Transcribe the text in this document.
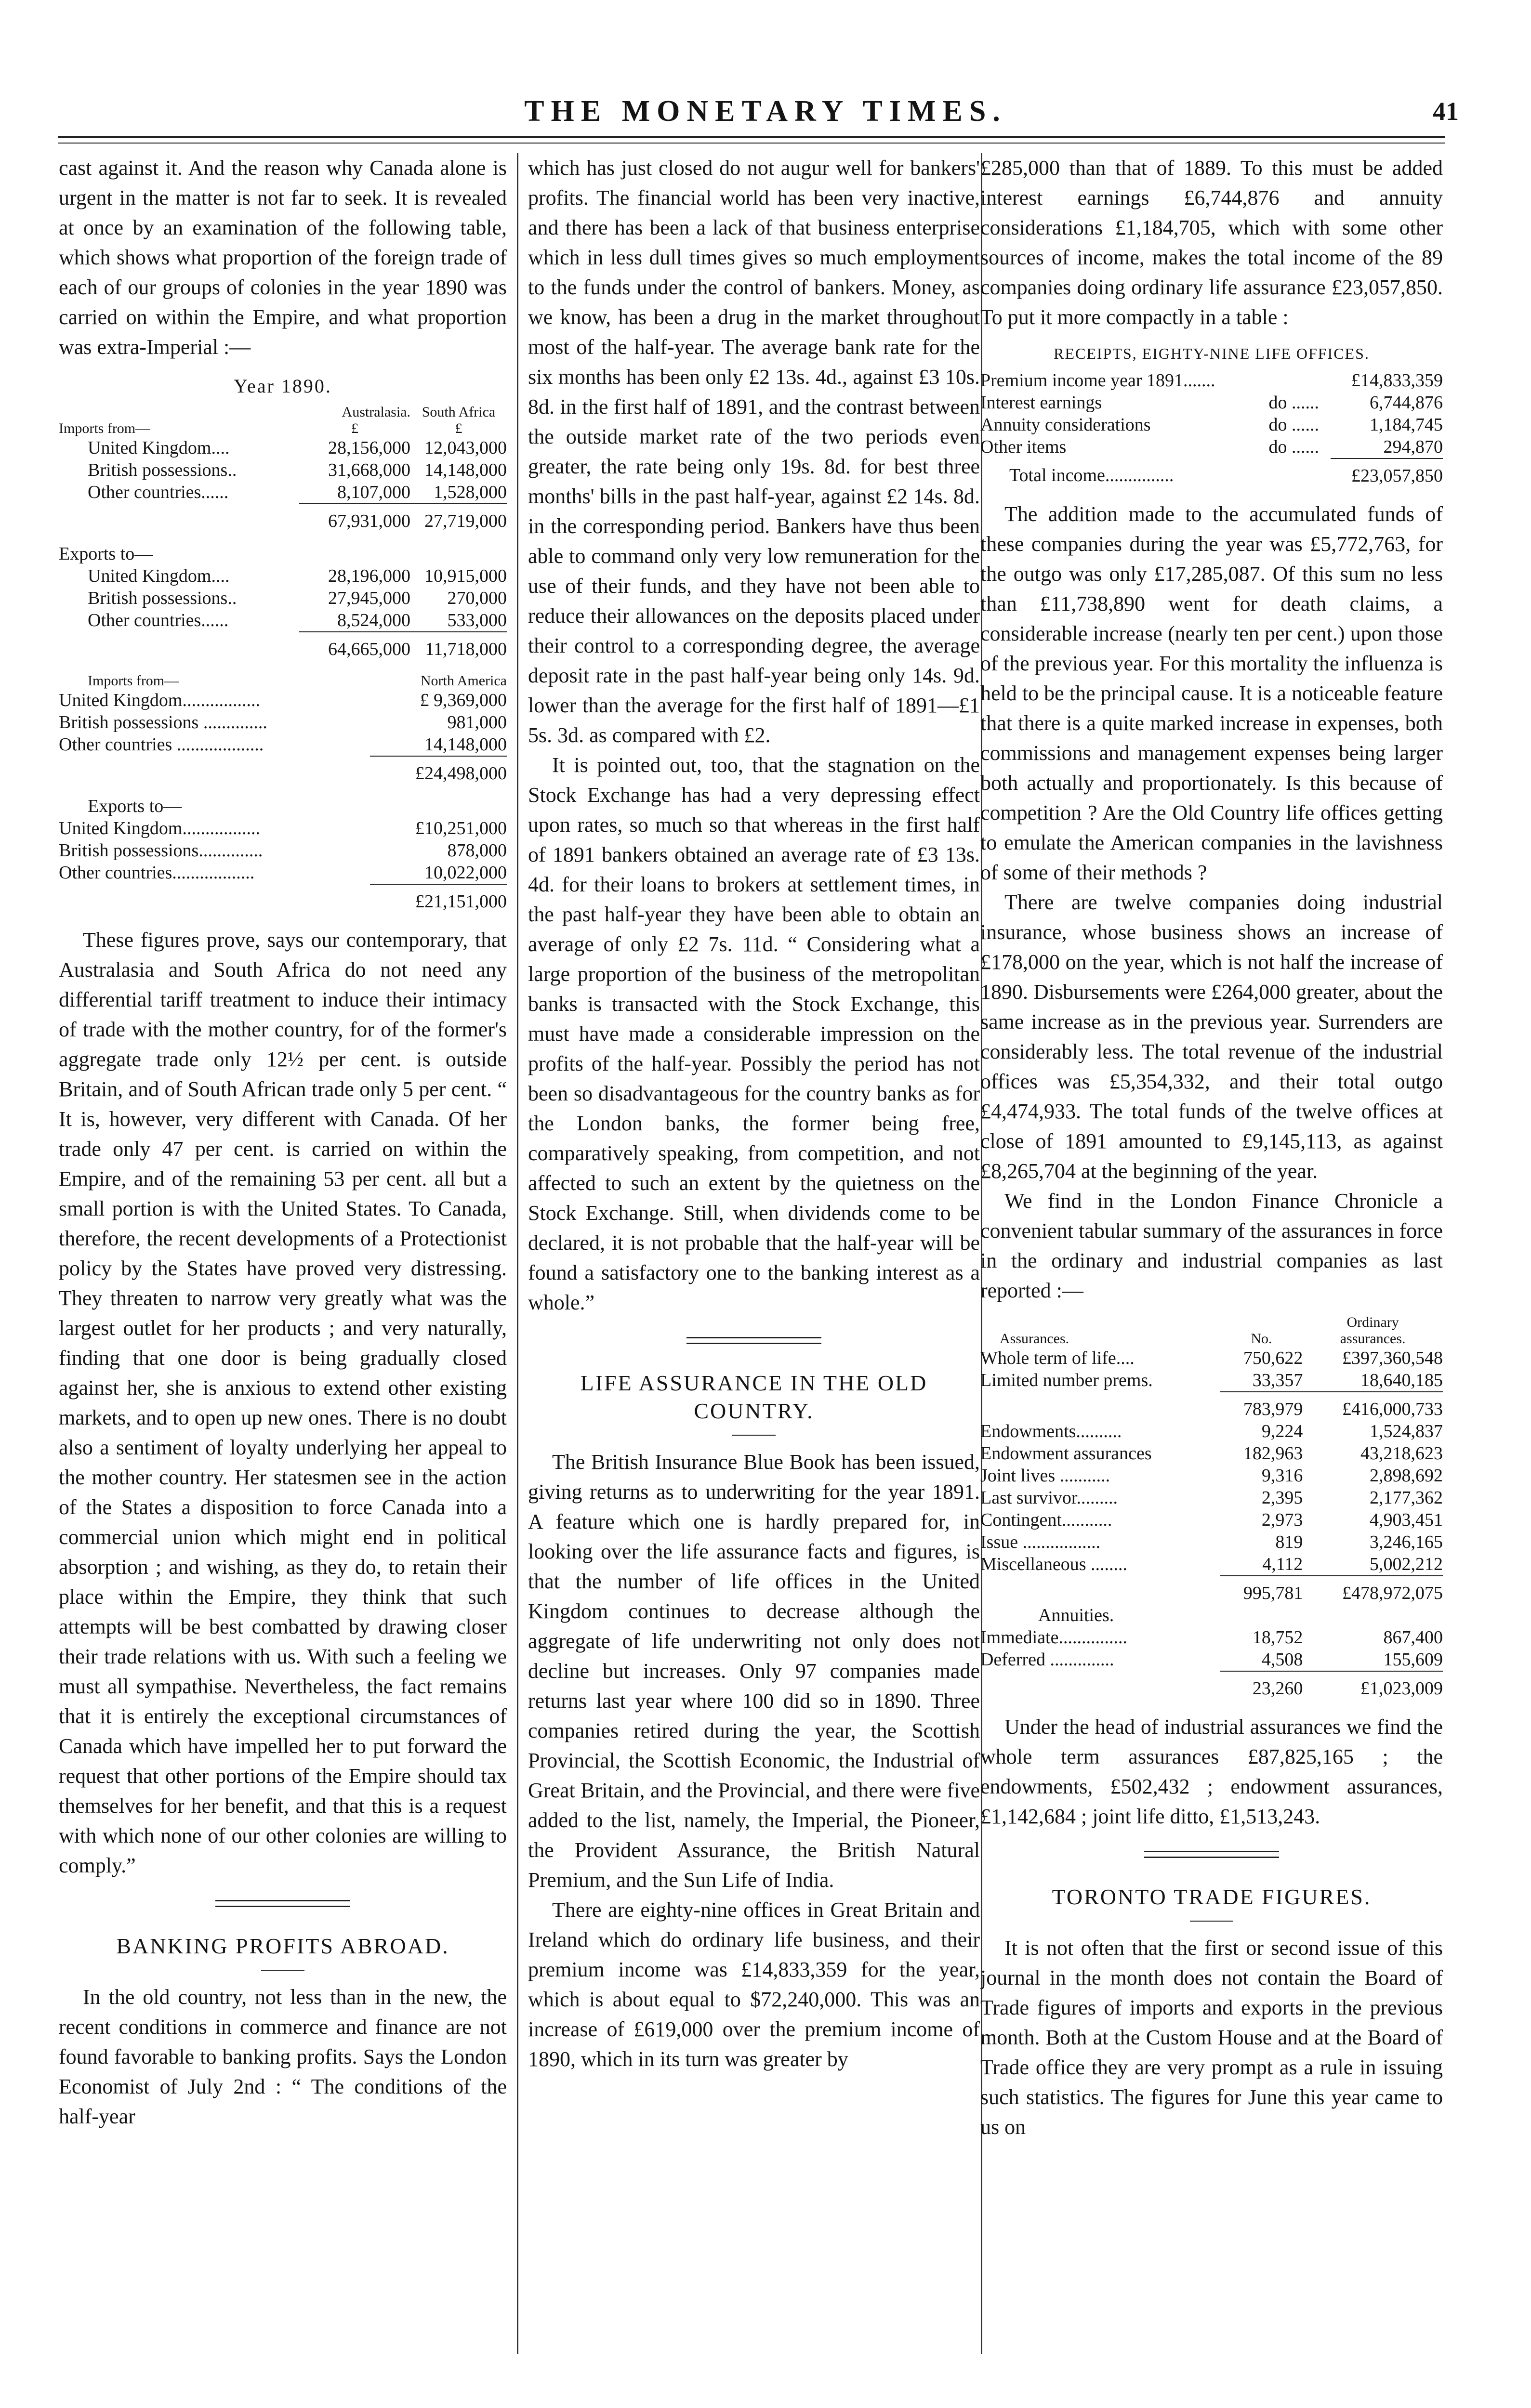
THE MONETARY TIMES.	41

cast against it. And the reason why Canada alone is urgent in the matter is not far to seek. It is revealed at once by an examination of the following table, which shows what proportion of the foreign trade of each of our groups of colonies in the year 1890 was carried on within the Empire, and what proportion was extra-Imperial :—

Year 1890.
	Australasia.	South Africa
Imports from—	£	£
United Kingdom....	28,156,000	12,043,000
British possessions..	31,668,000	14,148,000
Other countries......	8,107,000	1,528,000
	67,931,000	27,719,000
Exports to—		
United Kingdom....	28,196,000	10,915,000
British possessions..	27,945,000	270,000
Other countries......	8,524,000	533,000
	64,665,000	11,718,000
Imports from—	North America
United Kingdom.................	£ 9,369,000
British possessions ..............	981,000
Other countries ...................	14,148,000
	£24,498,000
Exports to—	
United Kingdom.................	£10,251,000
British possessions..............	878,000
Other countries..................	10,022,000
	£21,151,000

These figures prove, says our contemporary, that Australasia and South Africa do not need any differential tariff treatment to induce their intimacy of trade with the mother country, for of the former's aggregate trade only 12½ per cent. is outside Britain, and of South African trade only 5 per cent. “ It is, however, very different with Canada. Of her trade only 47 per cent. is carried on within the Empire, and of the remaining 53 per cent. all but a small portion is with the United States. To Canada, therefore, the recent developments of a Protectionist policy by the States have proved very distressing. They threaten to narrow very greatly what was the largest outlet for her products ; and very naturally, finding that one door is being gradually closed against her, she is anxious to extend other existing markets, and to open up new ones. There is no doubt also a sentiment of loyalty underlying her appeal to the mother country. Her statesmen see in the action of the States a disposition to force Canada into a commercial union which might end in political absorption ; and wishing, as they do, to retain their place within the Empire, they think that such attempts will be best combatted by drawing closer their trade relations with us. With such a feeling we must all sympathise. Nevertheless, the fact remains that it is entirely the exceptional circumstances of Canada which have impelled her to put forward the request that other portions of the Empire should tax themselves for her benefit, and that this is a request with which none of our other colonies are willing to comply.”

BANKING PROFITS ABROAD.

In the old country, not less than in the new, the recent conditions in commerce and finance are not found favorable to banking profits. Says the London Economist of July 2nd : “ The conditions of the half-year

which has just closed do not augur well for bankers' profits. The financial world has been very inactive, and there has been a lack of that business enterprise which in less dull times gives so much employment to the funds under the control of bankers. Money, as we know, has been a drug in the market throughout most of the half-year. The average bank rate for the six months has been only £2 13s. 4d., against £3 10s. 8d. in the first half of 1891, and the contrast between the outside market rate of the two periods even greater, the rate being only 19s. 8d. for best three months' bills in the past half-year, against £2 14s. 8d. in the corresponding period. Bankers have thus been able to command only very low remuneration for the use of their funds, and they have not been able to reduce their allowances on the deposits placed under their control to a corresponding degree, the average deposit rate in the past half-year being only 14s. 9d. lower than the average for the first half of 1891—£1 5s. 3d. as compared with £2.

It is pointed out, too, that the stagnation on the Stock Exchange has had a very depressing effect upon rates, so much so that whereas in the first half of 1891 bankers obtained an average rate of £3 13s. 4d. for their loans to brokers at settlement times, in the past half-year they have been able to obtain an average of only £2 7s. 11d. “ Considering what a large proportion of the business of the metropolitan banks is transacted with the Stock Exchange, this must have made a considerable impression on the profits of the half-year. Possibly the period has not been so disadvantageous for the country banks as for the London banks, the former being free, comparatively speaking, from competition, and not affected to such an extent by the quietness on the Stock Exchange. Still, when dividends come to be declared, it is not probable that the half-year will be found a satisfactory one to the banking interest as a whole.”

LIFE ASSURANCE IN THE OLD COUNTRY.

The British Insurance Blue Book has been issued, giving returns as to underwriting for the year 1891. A feature which one is hardly prepared for, in looking over the life assurance facts and figures, is that the number of life offices in the United Kingdom continues to decrease although the aggregate of life underwriting not only does not decline but increases. Only 97 companies made returns last year where 100 did so in 1890. Three companies retired during the year, the Scottish Provincial, the Scottish Economic, the Industrial of Great Britain, and the Provincial, and there were five added to the list, namely, the Imperial, the Pioneer, the Provident Assurance, the British Natural Premium, and the Sun Life of India.

There are eighty-nine offices in Great Britain and Ireland which do ordinary life business, and their premium income was £14,833,359 for the year, which is about equal to $72,240,000. This was an increase of £619,000 over the premium income of 1890, which in its turn was greater by

£285,000 than that of 1889. To this must be added interest earnings £6,744,876 and annuity considerations £1,184,705, which with some other sources of income, makes the total income of the 89 companies doing ordinary life assurance £23,057,850. To put it more compactly in a table :

RECEIPTS, EIGHTY-NINE LIFE OFFICES.
Premium income year 1891.......		£14,833,359
Interest earnings	do ......	6,744,876
Annuity considerations	do ......	1,184,745
Other items	do ......	294,870
Total income...............		£23,057,850

The addition made to the accumulated funds of these companies during the year was £5,772,763, for the outgo was only £17,285,087. Of this sum no less than £11,738,890 went for death claims, a considerable increase (nearly ten per cent.) upon those of the previous year. For this mortality the influenza is held to be the principal cause. It is a noticeable feature that there is a quite marked increase in expenses, both commissions and management expenses being larger both actually and proportionately. Is this because of competition ? Are the Old Country life offices getting to emulate the American companies in the lavishness of some of their methods ?

There are twelve companies doing industrial insurance, whose business shows an increase of £178,000 on the year, which is not half the increase of 1890. Disbursements were £264,000 greater, about the same increase as in the previous year. Surrenders are considerably less. The total revenue of the industrial offices was £5,354,332, and their total outgo £4,474,933. The total funds of the twelve offices at close of 1891 amounted to £9,145,113, as against £8,265,704 at the beginning of the year.

We find in the London Finance Chronicle a convenient tabular summary of the assurances in force in the ordinary and industrial companies as last reported :—

		Ordinary
Assurances.	No.	assurances.
Whole term of life....	750,622	£397,360,548
Limited number prems.	33,357	18,640,185
	783,979	£416,000,733
Endowments..........	9,224	1,524,837
Endowment assurances	182,963	43,218,623
Joint lives ...........	9,316	2,898,692
Last survivor.........	2,395	2,177,362
Contingent...........	2,973	4,903,451
Issue .................	819	3,246,165
Miscellaneous ........	4,112	5,002,212
	995,781	£478,972,075
Annuities.		
Immediate...............	18,752	867,400
Deferred ..............	4,508	155,609
	23,260	£1,023,009

Under the head of industrial assurances we find the whole term assurances £87,825,165 ; the endowments, £502,432 ; endowment assurances, £1,142,684 ; joint life ditto, £1,513,243.

TORONTO TRADE FIGURES.

It is not often that the first or second issue of this journal in the month does not contain the Board of Trade figures of imports and exports in the previous month. Both at the Custom House and at the Board of Trade office they are very prompt as a rule in issuing such statistics. The figures for June this year came to us on
